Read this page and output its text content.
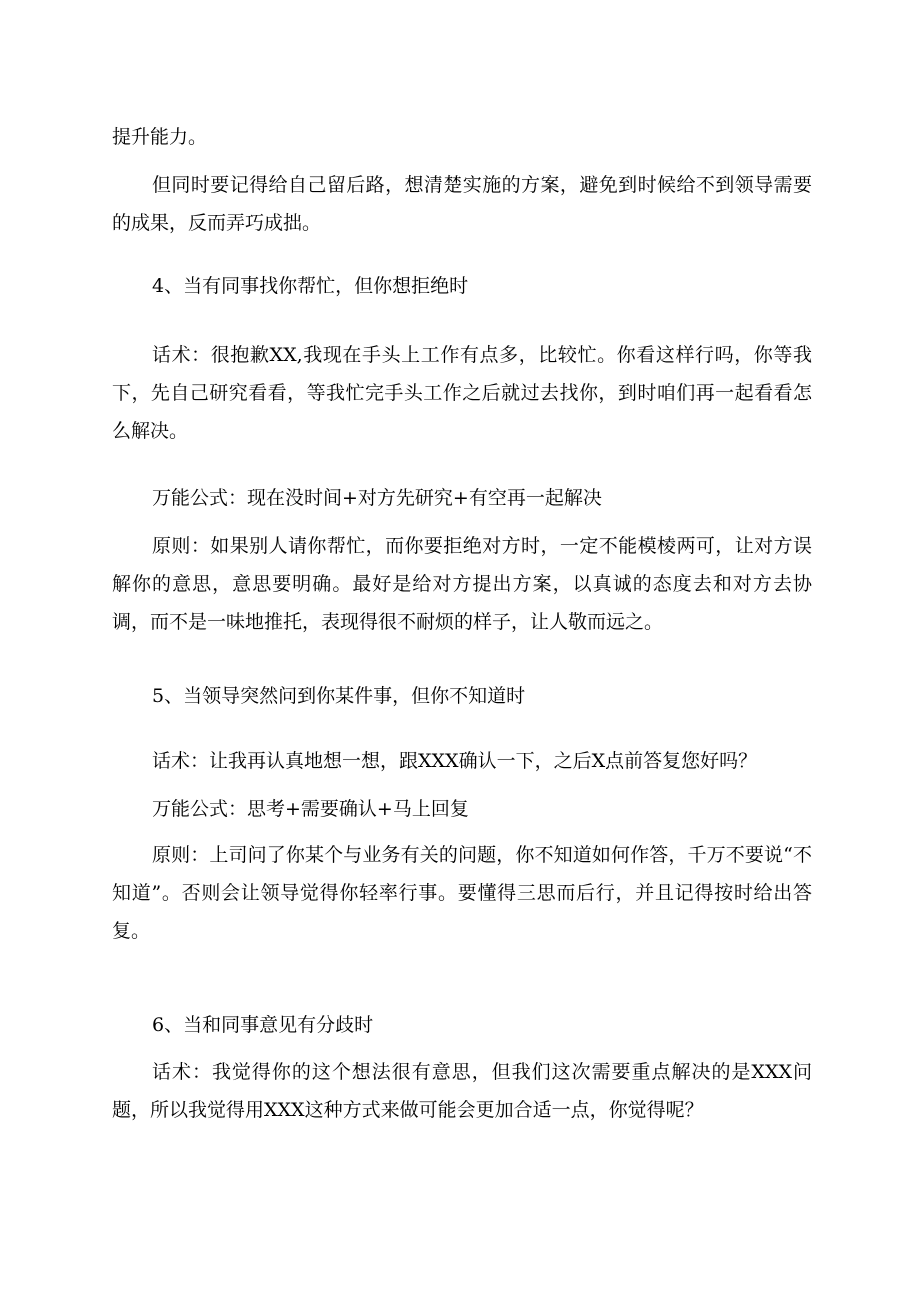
提升能力。

但同时要记得给自己留后路，想清楚实施的方案，避免到时候给不到领导需要的成果，反而弄巧成拙。

4、当有同事找你帮忙，但你想拒绝时

话术：很抱歉XX,我现在手头上工作有点多，比较忙。你看这样行吗，你等我下，先自己研究看看，等我忙完手头工作之后就过去找你，到时咱们再一起看看怎么解决。

万能公式：现在没时间+对方先研究+有空再一起解决

原则：如果别人请你帮忙，而你要拒绝对方时，一定不能模棱两可，让对方误解你的意思，意思要明确。最好是给对方提出方案，以真诚的态度去和对方去协调，而不是一味地推托，表现得很不耐烦的样子，让人敬而远之。

5、当领导突然问到你某件事，但你不知道时

话术：让我再认真地想一想，跟XXX确认一下，之后X点前答复您好吗？

万能公式：思考+需要确认+马上回复

原则：上司问了你某个与业务有关的问题，你不知道如何作答，千万不要说“不知道”。否则会让领导觉得你轻率行事。要懂得三思而后行，并且记得按时给出答复。

6、当和同事意见有分歧时

话术：我觉得你的这个想法很有意思，但我们这次需要重点解决的是XXX问题，所以我觉得用XXX这种方式来做可能会更加合适一点，你觉得呢？
